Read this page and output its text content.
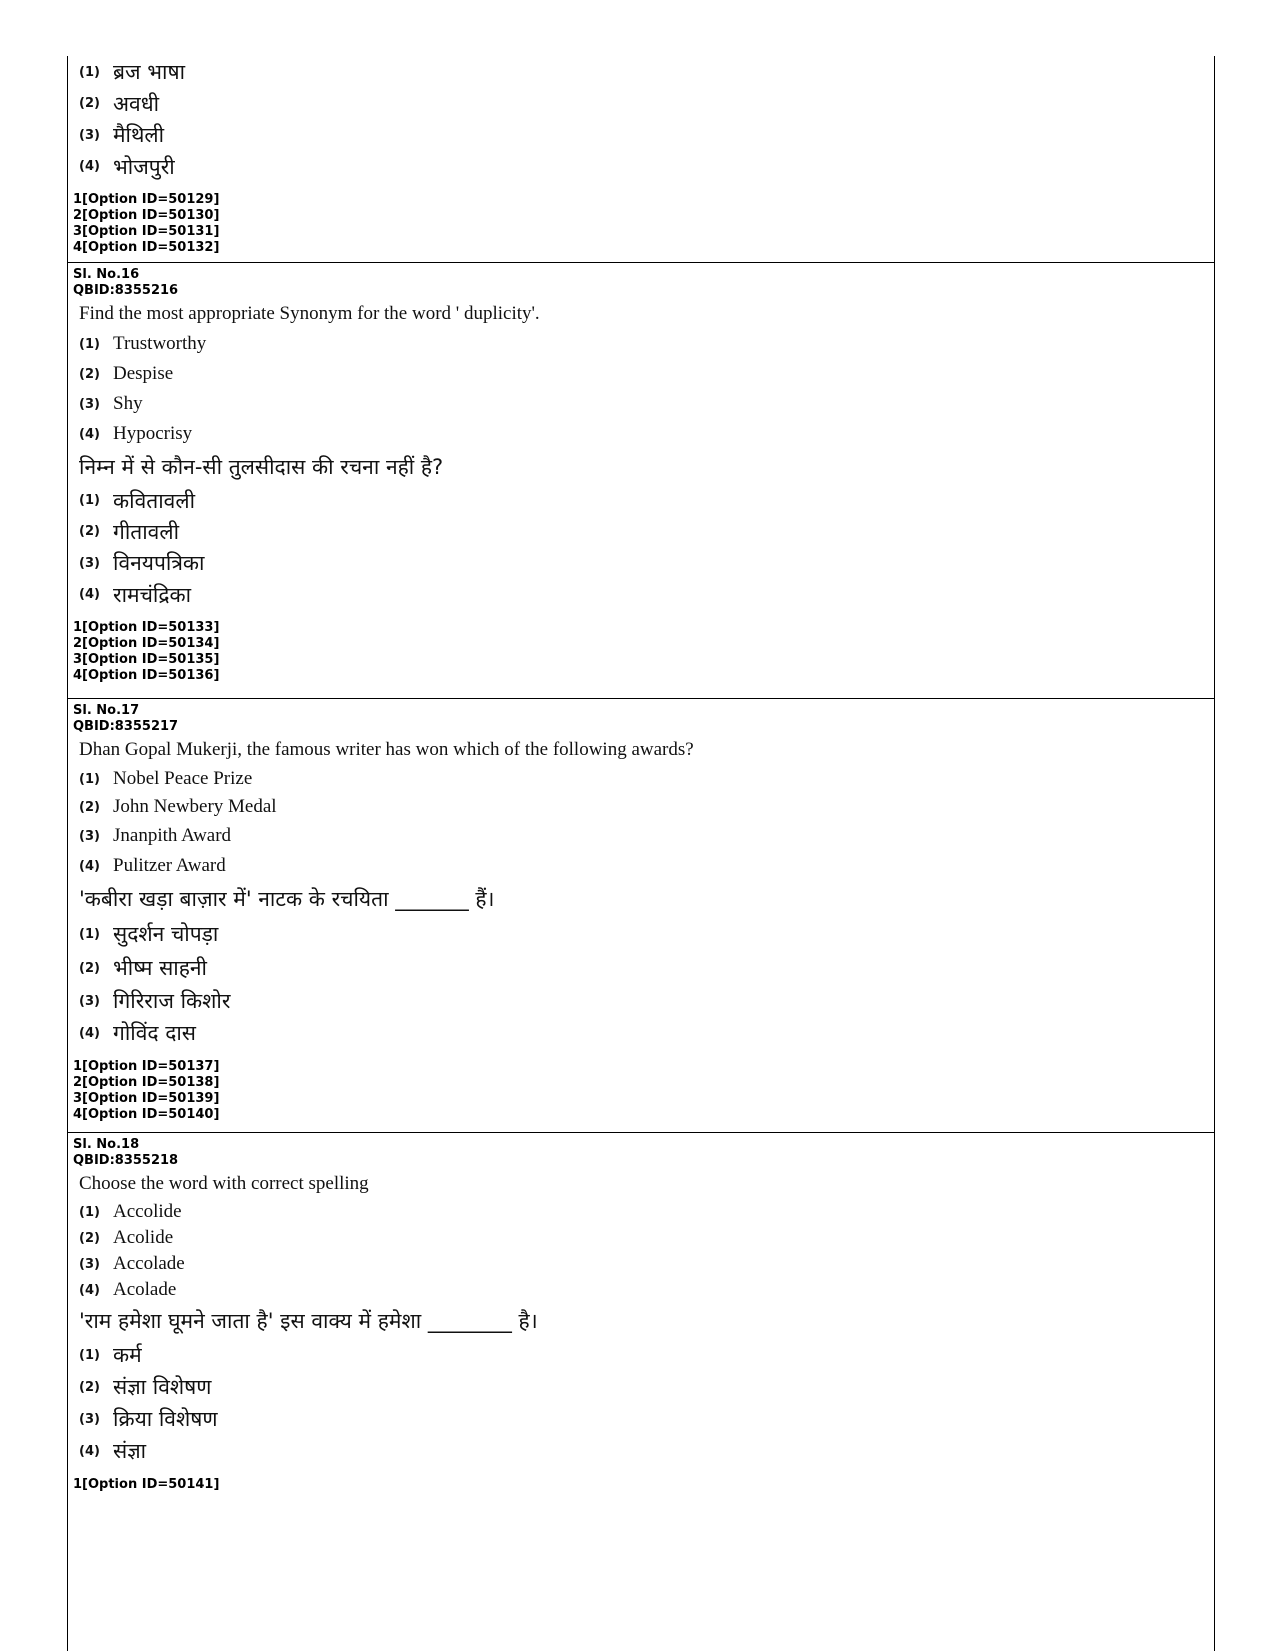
(1) ब्रज भाषा
(2) अवधी
(3) मैथिली
(4) भोजपुरी
1[Option ID=50129]
2[Option ID=50130]
3[Option ID=50131]
4[Option ID=50132]
Sl. No.16
QBID:8355216
Find the most appropriate Synonym for the word ' duplicity'.
(1) Trustworthy
(2) Despise
(3) Shy
(4) Hypocrisy
निम्न में से कौन-सी तुलसीदास की रचना नहीं है?
(1) कवितावली
(2) गीतावली
(3) विनयपत्रिका
(4) रामचंद्रिका
1[Option ID=50133]
2[Option ID=50134]
3[Option ID=50135]
4[Option ID=50136]
Sl. No.17
QBID:8355217
Dhan Gopal Mukerji, the famous writer has won which of the following awards?
(1) Nobel Peace Prize
(2) John Newbery Medal
(3) Jnanpith Award
(4) Pulitzer Award
'कबीरा खड़ा बाज़ार में' नाटक के रचयिता _______ हैं।
(1) सुदर्शन चोपड़ा
(2) भीष्म साहनी
(3) गिरिराज किशोर
(4) गोविंद दास
1[Option ID=50137]
2[Option ID=50138]
3[Option ID=50139]
4[Option ID=50140]
Sl. No.18
QBID:8355218
Choose the word with correct spelling
(1) Accolide
(2) Acolide
(3) Accolade
(4) Acolade
'राम हमेशा घूमने जाता है' इस वाक्य में हमेशा ________ है।
(1) कर्म
(2) संज्ञा विशेषण
(3) क्रिया विशेषण
(4) संज्ञा
1[Option ID=50141]
